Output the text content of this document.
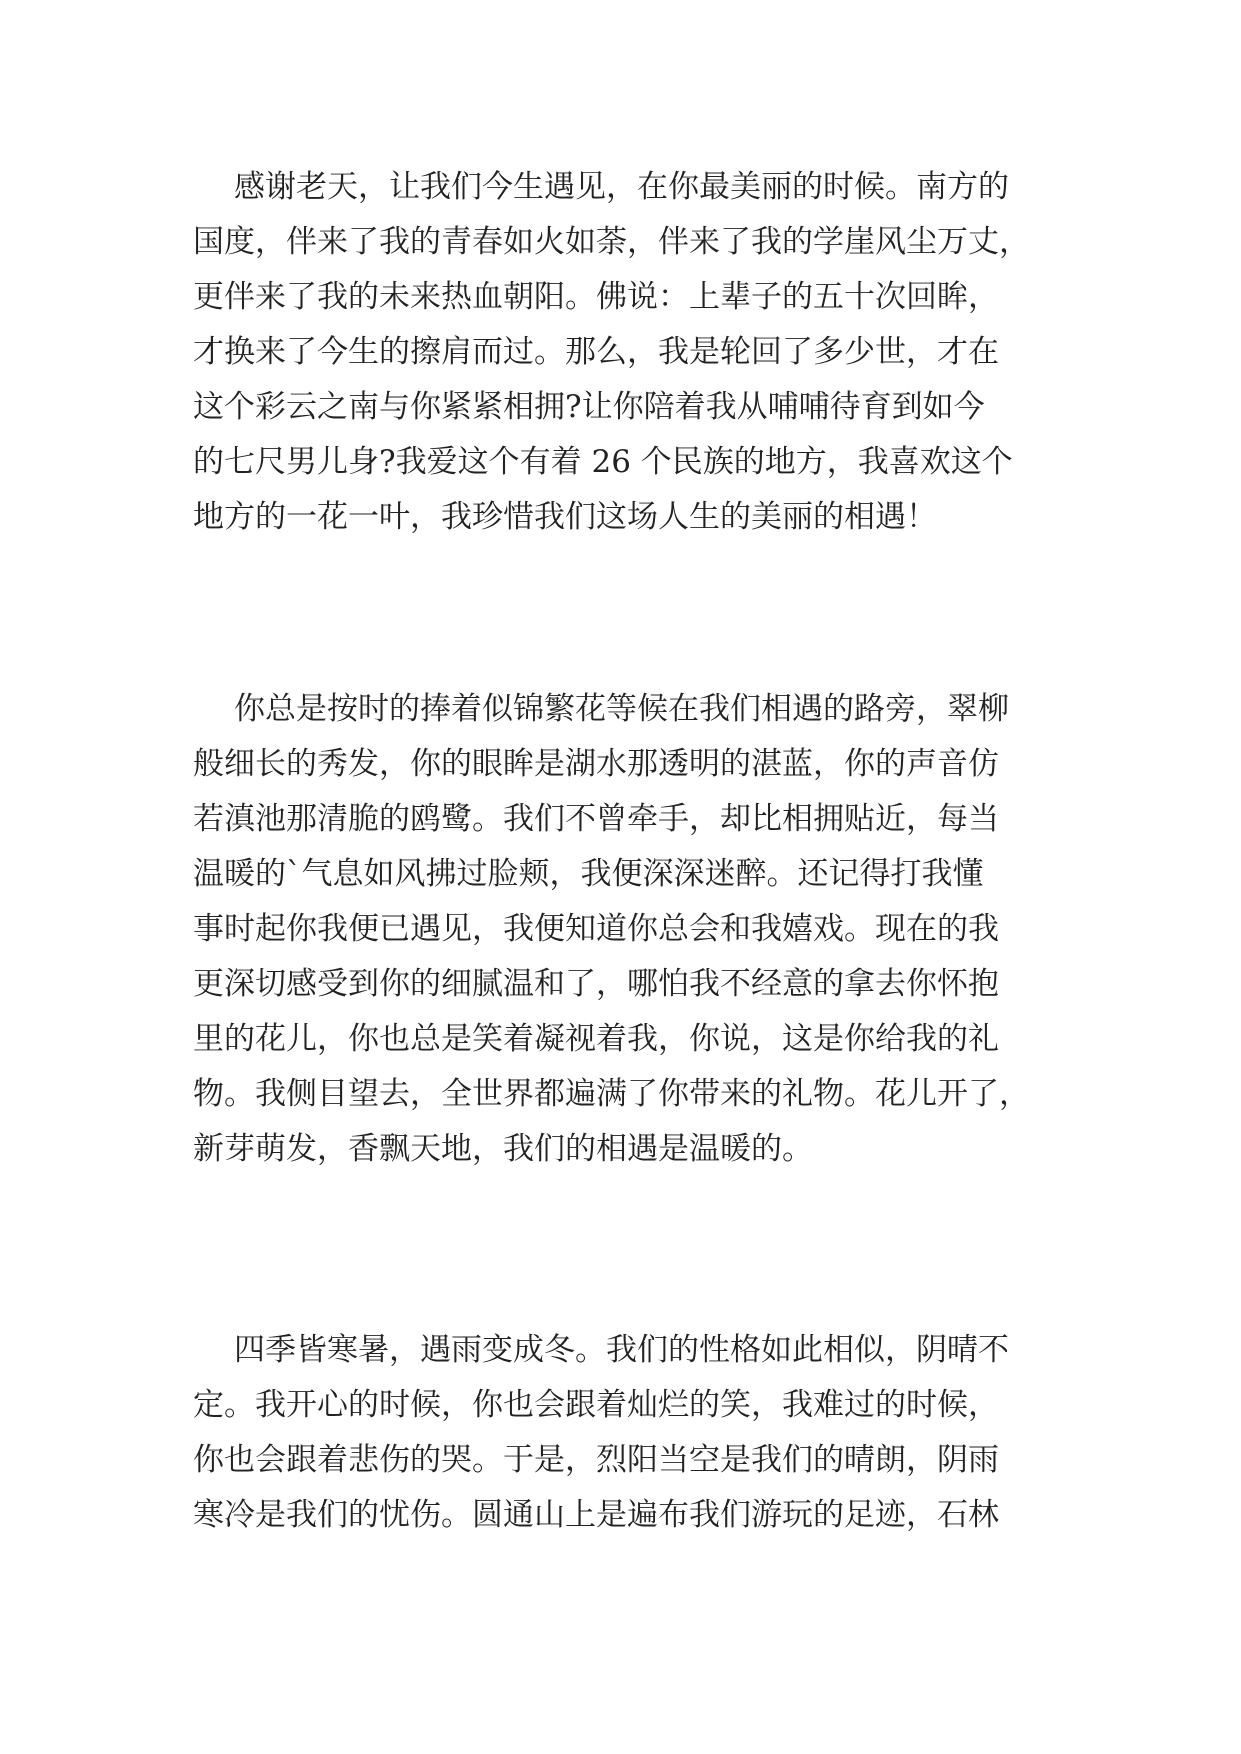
感谢老天，让我们今生遇见，在你最美丽的时候。南方的
国度，伴来了我的青春如火如荼，伴来了我的学崖风尘万丈，
更伴来了我的未来热血朝阳。佛说：上辈子的五十次回眸，
才换来了今生的擦肩而过。那么，我是轮回了多少世，才在
这个彩云之南与你紧紧相拥?让你陪着我从哺哺待育到如今
的七尺男儿身?我爱这个有着 26 个民族的地方，我喜欢这个
地方的一花一叶，我珍惜我们这场人生的美丽的相遇！
你总是按时的捧着似锦繁花等候在我们相遇的路旁，翠柳
般细长的秀发，你的眼眸是湖水那透明的湛蓝，你的声音仿
若滇池那清脆的鸥鹭。我们不曾牵手，却比相拥贴近，每当
温暖的`气息如风拂过脸颊，我便深深迷醉。还记得打我懂
事时起你我便已遇见，我便知道你总会和我嬉戏。现在的我
更深切感受到你的细腻温和了，哪怕我不经意的拿去你怀抱
里的花儿，你也总是笑着凝视着我，你说，这是你给我的礼
物。我侧目望去，全世界都遍满了你带来的礼物。花儿开了，
新芽萌发，香飘天地，我们的相遇是温暖的。
四季皆寒暑，遇雨变成冬。我们的性格如此相似，阴晴不
定。我开心的时候，你也会跟着灿烂的笑，我难过的时候，
你也会跟着悲伤的哭。于是，烈阳当空是我们的晴朗，阴雨
寒冷是我们的忧伤。圆通山上是遍布我们游玩的足迹，石林
